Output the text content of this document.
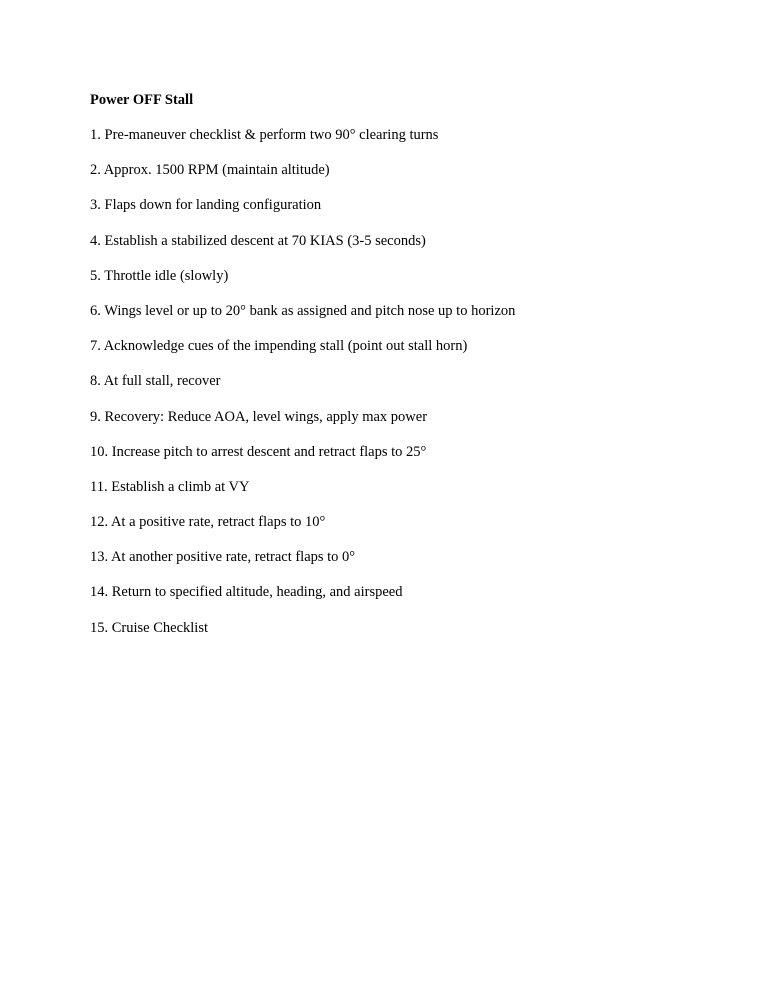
Power OFF Stall
1. Pre-maneuver checklist & perform two 90° clearing turns
2. Approx. 1500 RPM (maintain altitude)
3. Flaps down for landing configuration
4. Establish a stabilized descent at 70 KIAS (3-5 seconds)
5. Throttle idle (slowly)
6. Wings level or up to 20° bank as assigned and pitch nose up to horizon
7. Acknowledge cues of the impending stall (point out stall horn)
8. At full stall, recover
9. Recovery: Reduce AOA, level wings, apply max power
10. Increase pitch to arrest descent and retract flaps to 25°
11. Establish a climb at VY
12. At a positive rate, retract flaps to 10°
13. At another positive rate, retract flaps to 0°
14. Return to specified altitude, heading, and airspeed
15. Cruise Checklist
